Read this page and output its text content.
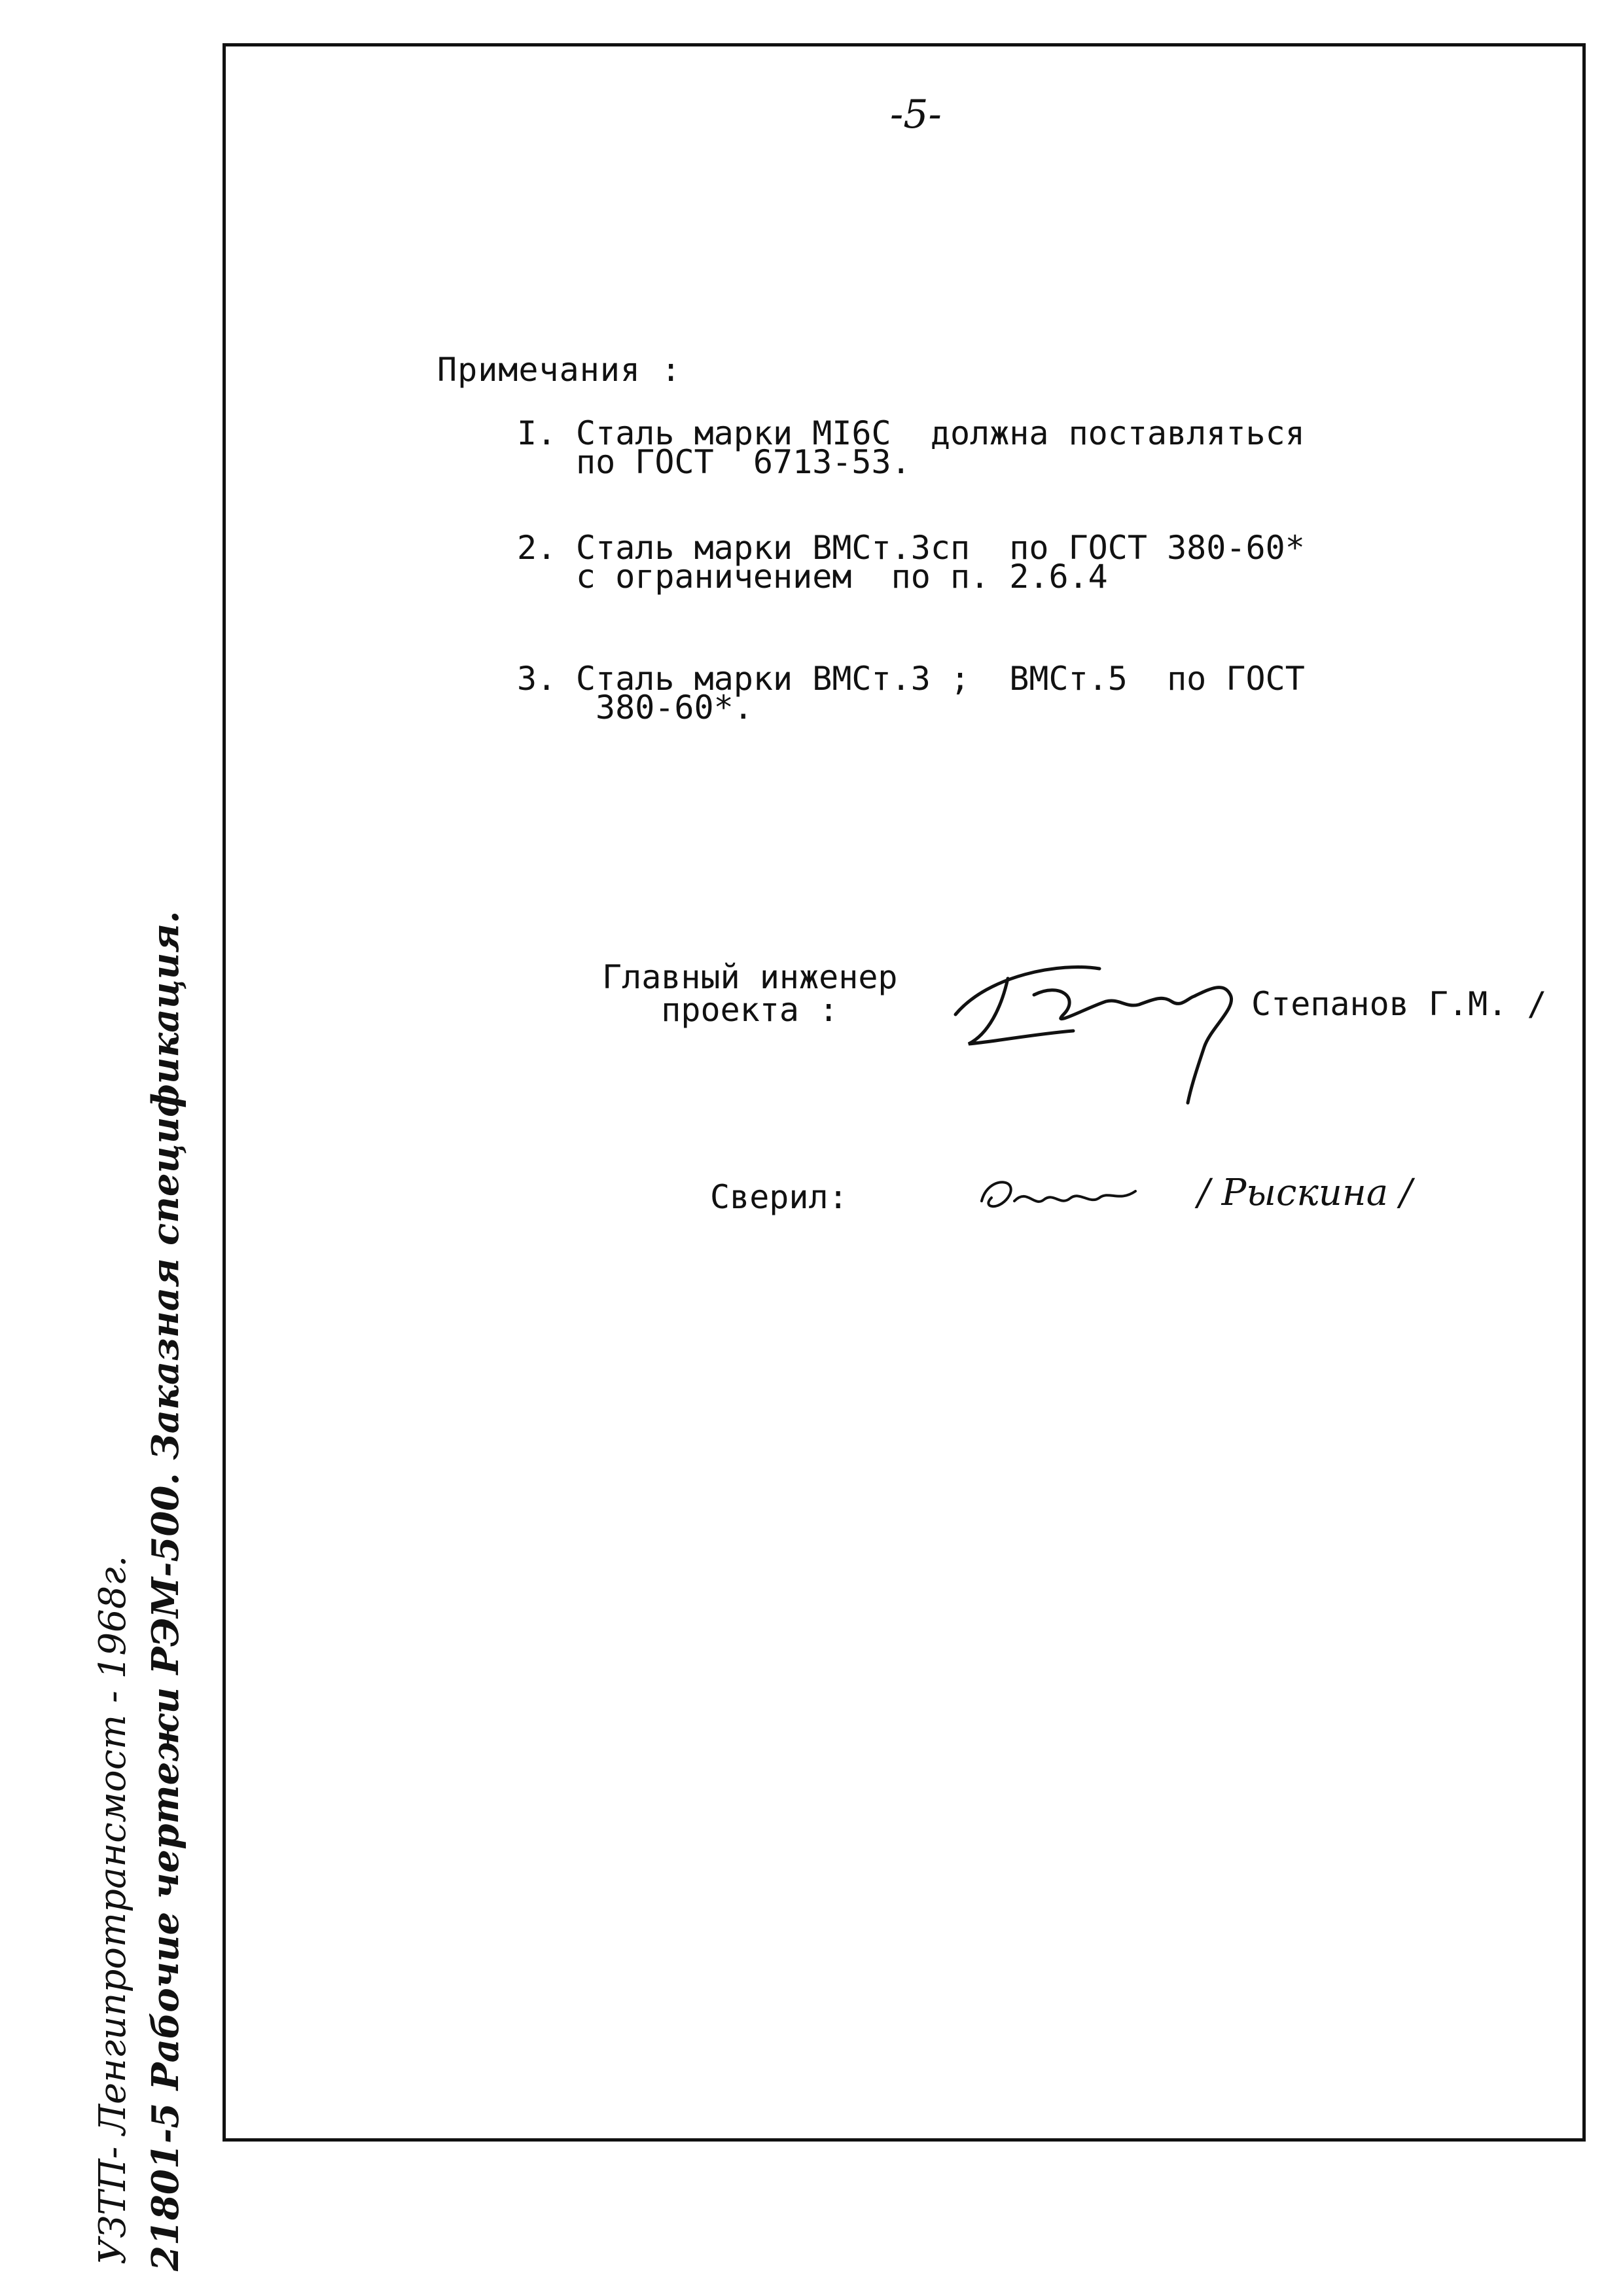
-5-
Примечания :
I. Сталь марки МI6С  должна поставляться
по ГОСТ  6713-53.
2. Сталь марки ВМСт.3сп  по ГОСТ 380-60*
с ограничением  по п. 2.6.4
3. Сталь марки ВМСт.3 ;  ВМСт.5  по ГОСТ
380-60*.
Главный инженер
проекта :	Степанов Г.М. /
Сверил:	/ Рыскина /
УЗТП- Ленгипротрансмост - 1968г. 21801-5 Рабочие чертежи РЭМ-500. Заказная спецификация.
